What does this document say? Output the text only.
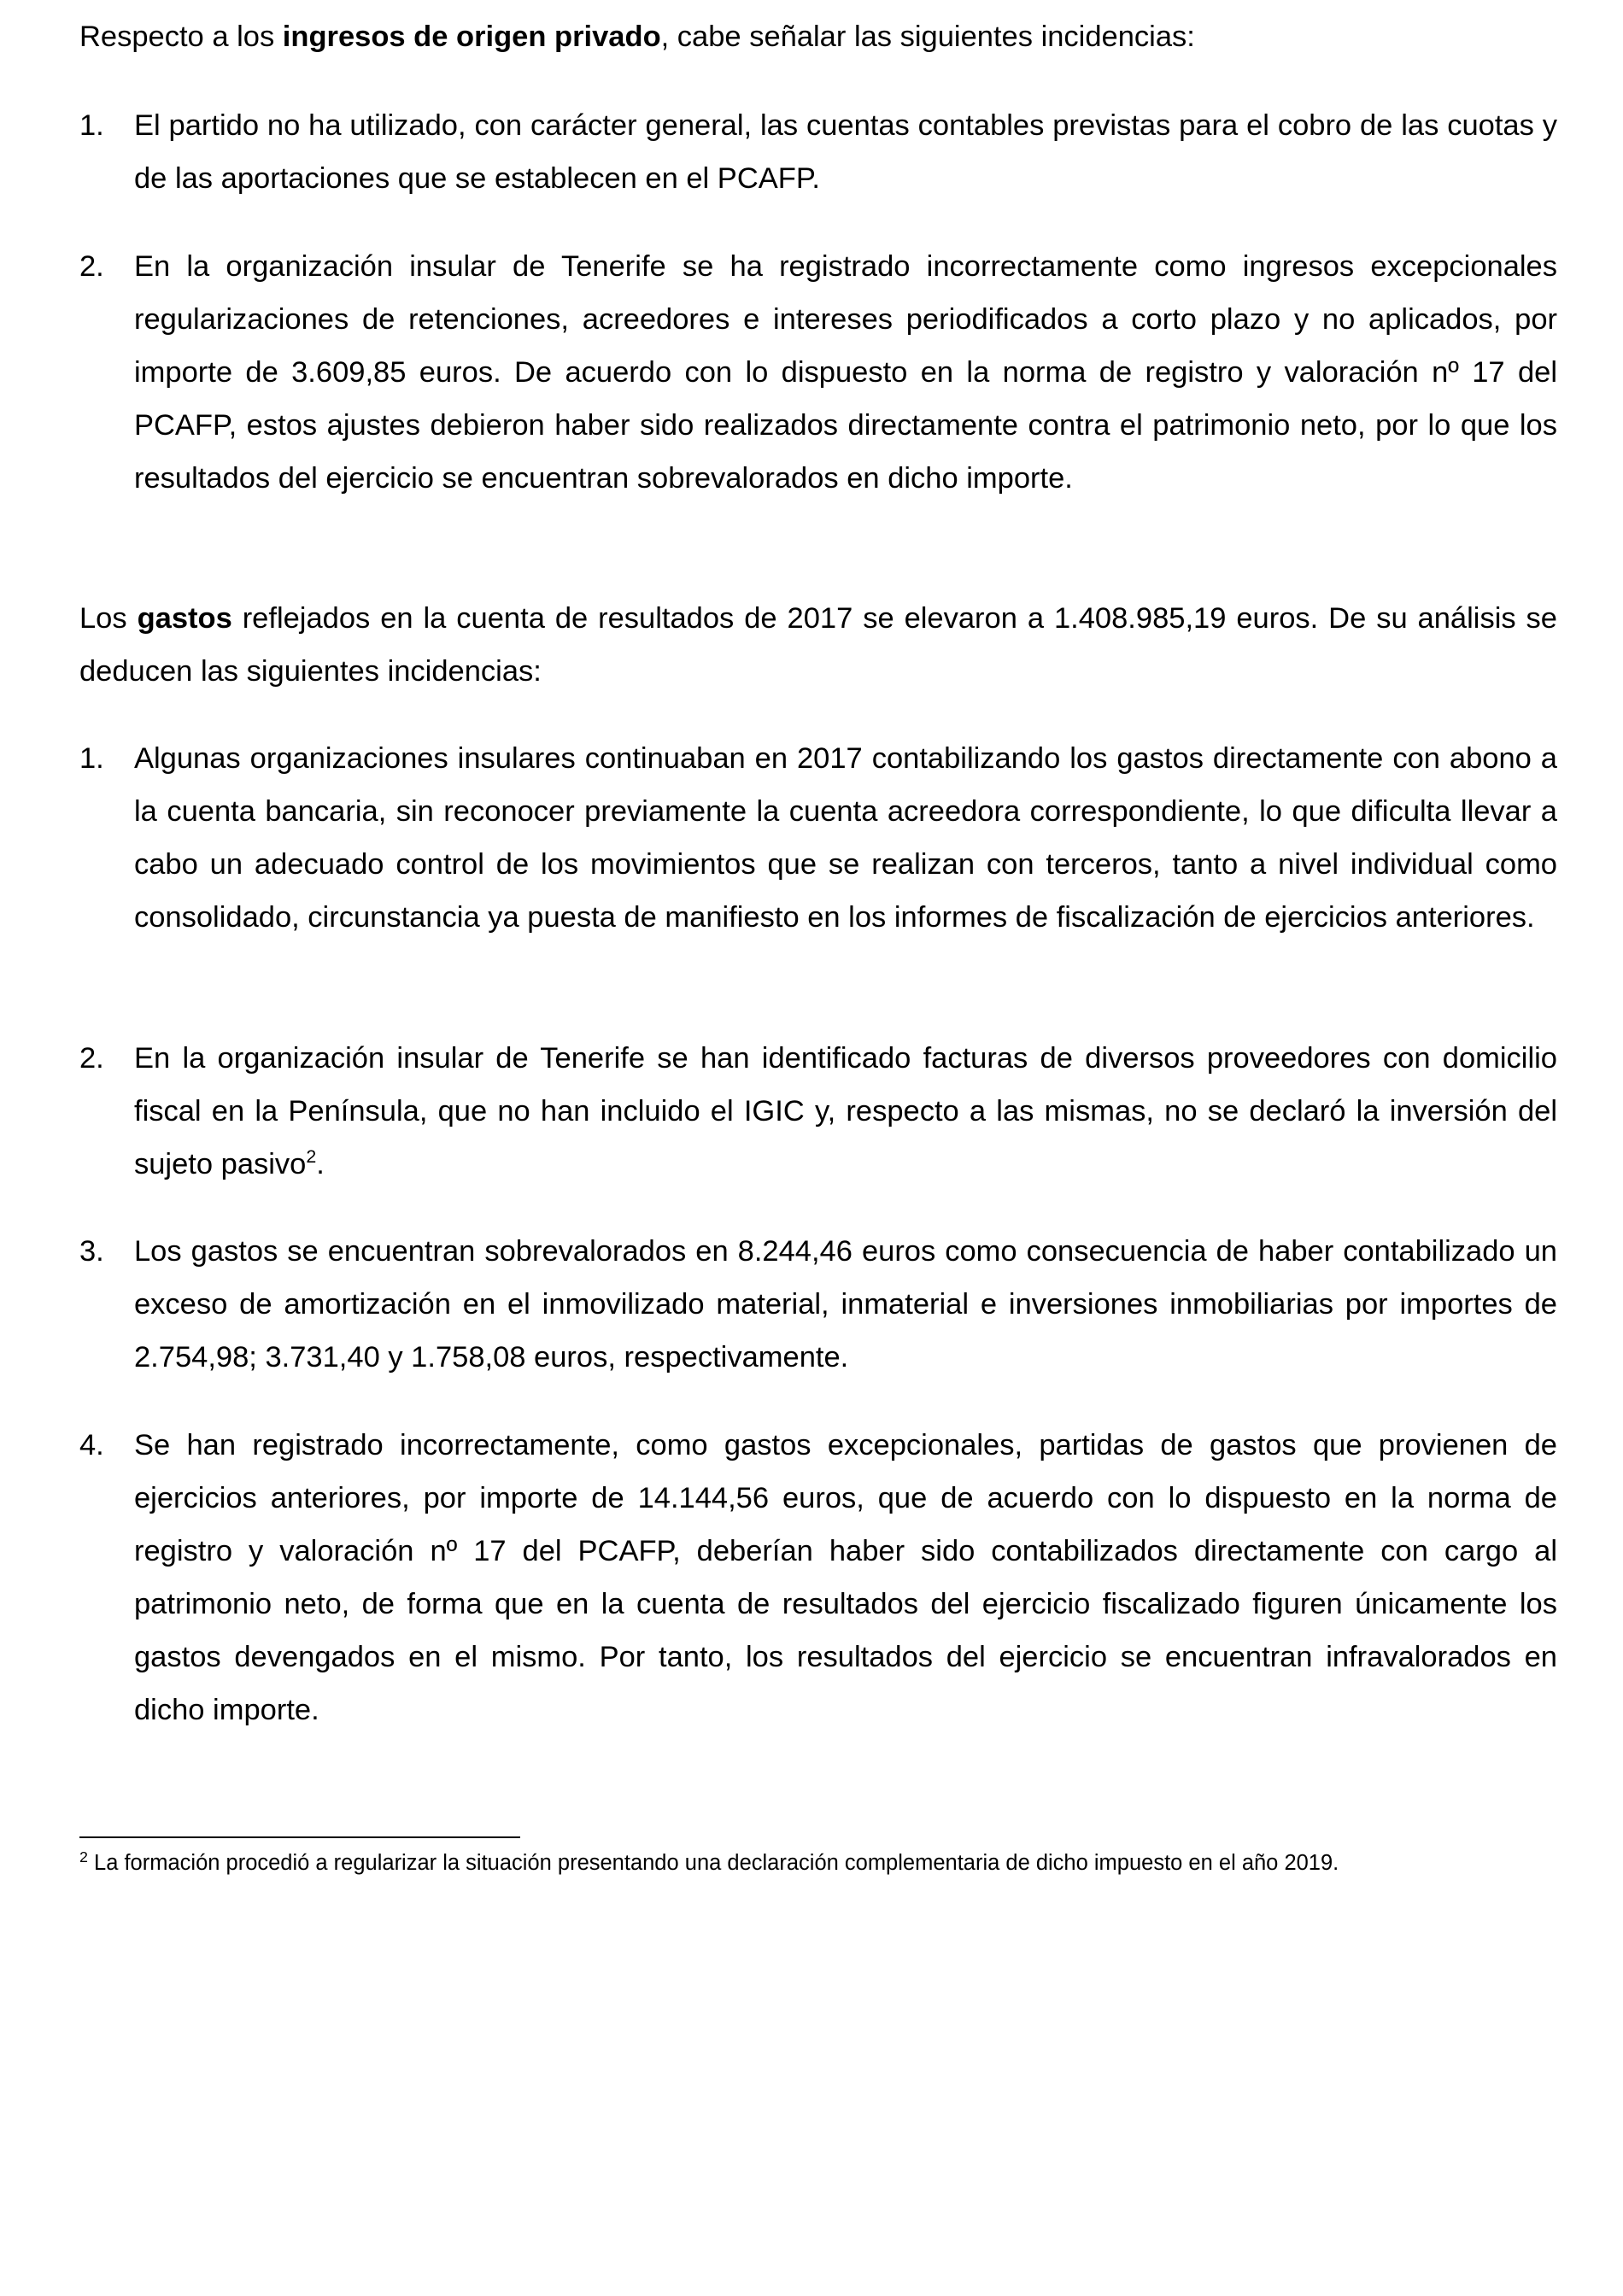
Respecto a los ingresos de origen privado, cabe señalar las siguientes incidencias:

1. El partido no ha utilizado, con carácter general, las cuentas contables previstas para el cobro de las cuotas y de las aportaciones que se establecen en el PCAFP.
2. En la organización insular de Tenerife se ha registrado incorrectamente como ingresos excepcionales regularizaciones de retenciones, acreedores e intereses periodificados a corto plazo y no aplicados, por importe de 3.609,85 euros. De acuerdo con lo dispuesto en la norma de registro y valoración nº 17 del PCAFP, estos ajustes debieron haber sido realizados directamente contra el patrimonio neto, por lo que los resultados del ejercicio se encuentran sobrevalorados en dicho importe.

Los gastos reflejados en la cuenta de resultados de 2017 se elevaron a 1.408.985,19 euros. De su análisis se deducen las siguientes incidencias:

1. Algunas organizaciones insulares continuaban en 2017 contabilizando los gastos directamente con abono a la cuenta bancaria, sin reconocer previamente la cuenta acreedora correspondiente, lo que dificulta llevar a cabo un adecuado control de los movimientos que se realizan con terceros, tanto a nivel individual como consolidado, circunstancia ya puesta de manifiesto en los informes de fiscalización de ejercicios anteriores.
2. En la organización insular de Tenerife se han identificado facturas de diversos proveedores con domicilio fiscal en la Península, que no han incluido el IGIC y, respecto a las mismas, no se declaró la inversión del sujeto pasivo$^2$.
3. Los gastos se encuentran sobrevalorados en 8.244,46 euros como consecuencia de haber contabilizado un exceso de amortización en el inmovilizado material, inmaterial e inversiones inmobiliarias por importes de 2.754,98; 3.731,40 y 1.758,08 euros, respectivamente.
4. Se han registrado incorrectamente, como gastos excepcionales, partidas de gastos que provienen de ejercicios anteriores, por importe de 14.144,56 euros, que de acuerdo con lo dispuesto en la norma de registro y valoración nº 17 del PCAFP, deberían haber sido contabilizados directamente con cargo al patrimonio neto, de forma que en la cuenta de resultados del ejercicio fiscalizado figuren únicamente los gastos devengados en el mismo. Por tanto, los resultados del ejercicio se encuentran infravalorados en dicho importe.

$^2$ La formación procedió a regularizar la situación presentando una declaración complementaria de dicho impuesto en el año 2019.
